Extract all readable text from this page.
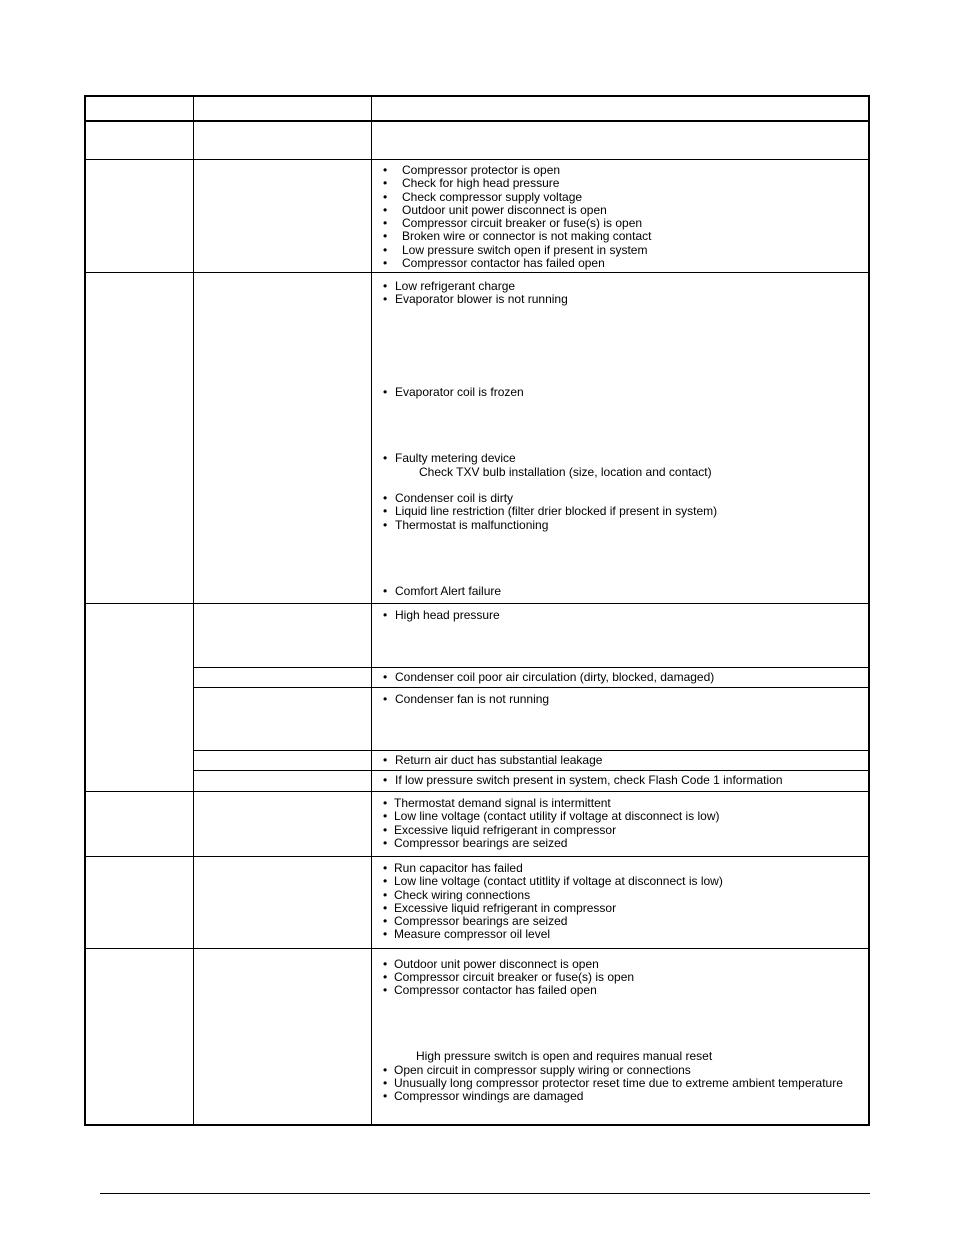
• Compressor protector is open
• Check for high head pressure
• Check compressor supply voltage
• Outdoor unit power disconnect is open
• Compressor circuit breaker or fuse(s) is open
• Broken wire or connector is not making contact
• Low pressure switch open if present in system
• Compressor contactor has failed open
• Low refrigerant charge
• Evaporator blower is not running
• Evaporator coil is frozen
• Faulty metering device
Check TXV bulb installation (size, location and contact)
• Condenser coil is dirty
• Liquid line restriction (filter drier blocked if present in system)
• Thermostat is malfunctioning
• Comfort Alert failure
• High head pressure
• Condenser coil poor air circulation (dirty, blocked, damaged)
• Condenser fan is not running
• Return air duct has substantial leakage
• If low pressure switch present in system, check Flash Code 1 information
• Thermostat demand signal is intermittent
• Low line voltage (contact utility if voltage at disconnect is low)
• Excessive liquid refrigerant in compressor
• Compressor bearings are seized
• Run capacitor has failed
• Low line voltage (contact utitlity if voltage at disconnect is low)
• Check wiring connections
• Excessive liquid refrigerant in compressor
• Compressor bearings are seized
• Measure compressor oil level
• Outdoor unit power disconnect is open
• Compressor circuit breaker or fuse(s) is open
• Compressor contactor has failed open
High pressure switch is open and requires manual reset
• Open circuit in compressor supply wiring or connections
• Unusually long compressor protector reset time due to extreme ambient temperature
• Compressor windings are damaged
